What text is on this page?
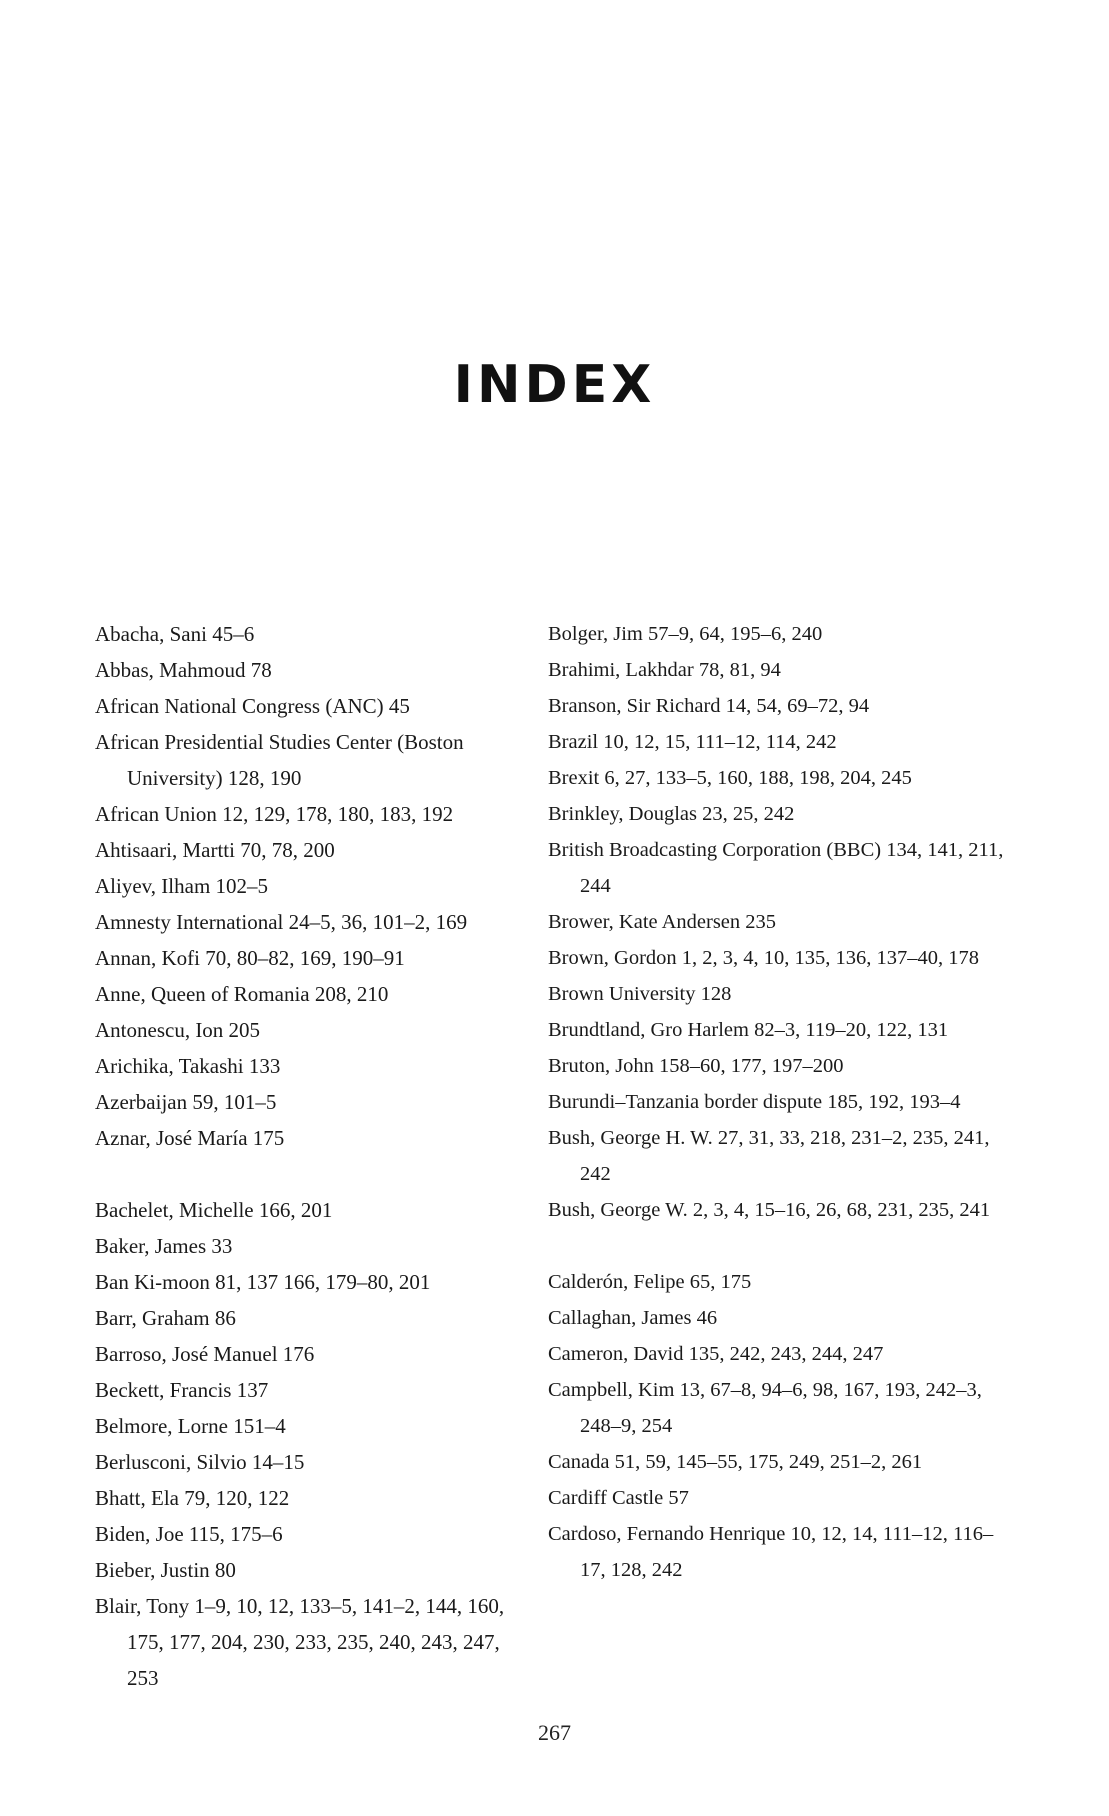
INDEX

Abacha, Sani 45–6

Abbas, Mahmoud 78

African National Congress (ANC) 45

African Presidential Studies Center (Boston University) 128, 190

African Union 12, 129, 178, 180, 183, 192

Ahtisaari, Martti 70, 78, 200

Aliyev, Ilham 102–5

Amnesty International 24–5, 36, 101–2, 169

Annan, Kofi 70, 80–82, 169, 190–91

Anne, Queen of Romania 208, 210

Antonescu, Ion 205

Arichika, Takashi 133

Azerbaijan 59, 101–5

Aznar, José María 175

Bachelet, Michelle 166, 201

Baker, James 33

Ban Ki-moon 81, 137 166, 179–80, 201

Barr, Graham 86

Barroso, José Manuel 176

Beckett, Francis 137

Belmore, Lorne 151–4

Berlusconi, Silvio 14–15

Bhatt, Ela 79, 120, 122

Biden, Joe 115, 175–6

Bieber, Justin 80

Blair, Tony 1–9, 10, 12, 133–5, 141–2, 144, 160, 175, 177, 204, 230, 233, 235, 240, 243, 247, 253

Bolger, Jim 57–9, 64, 195–6, 240

Brahimi, Lakhdar 78, 81, 94

Branson, Sir Richard 14, 54, 69–72, 94

Brazil 10, 12, 15, 111–12, 114, 242

Brexit 6, 27, 133–5, 160, 188, 198, 204, 245

Brinkley, Douglas 23, 25, 242

British Broadcasting Corporation (BBC) 134, 141, 211, 244

Brower, Kate Andersen 235

Brown, Gordon 1, 2, 3, 4, 10, 135, 136, 137–40, 178

Brown University 128

Brundtland, Gro Harlem 82–3, 119–20, 122, 131

Bruton, John 158–60, 177, 197–200

Burundi–Tanzania border dispute 185, 192, 193–4

Bush, George H. W. 27, 31, 33, 218, 231–2, 235, 241, 242

Bush, George W. 2, 3, 4, 15–16, 26, 68, 231, 235, 241

Calderón, Felipe 65, 175

Callaghan, James 46

Cameron, David 135, 242, 243, 244, 247

Campbell, Kim 13, 67–8, 94–6, 98, 167, 193, 242–3, 248–9, 254

Canada 51, 59, 145–55, 175, 249, 251–2, 261

Cardiff Castle 57

Cardoso, Fernando Henrique 10, 12, 14, 111–12, 116–17, 128, 242

267
